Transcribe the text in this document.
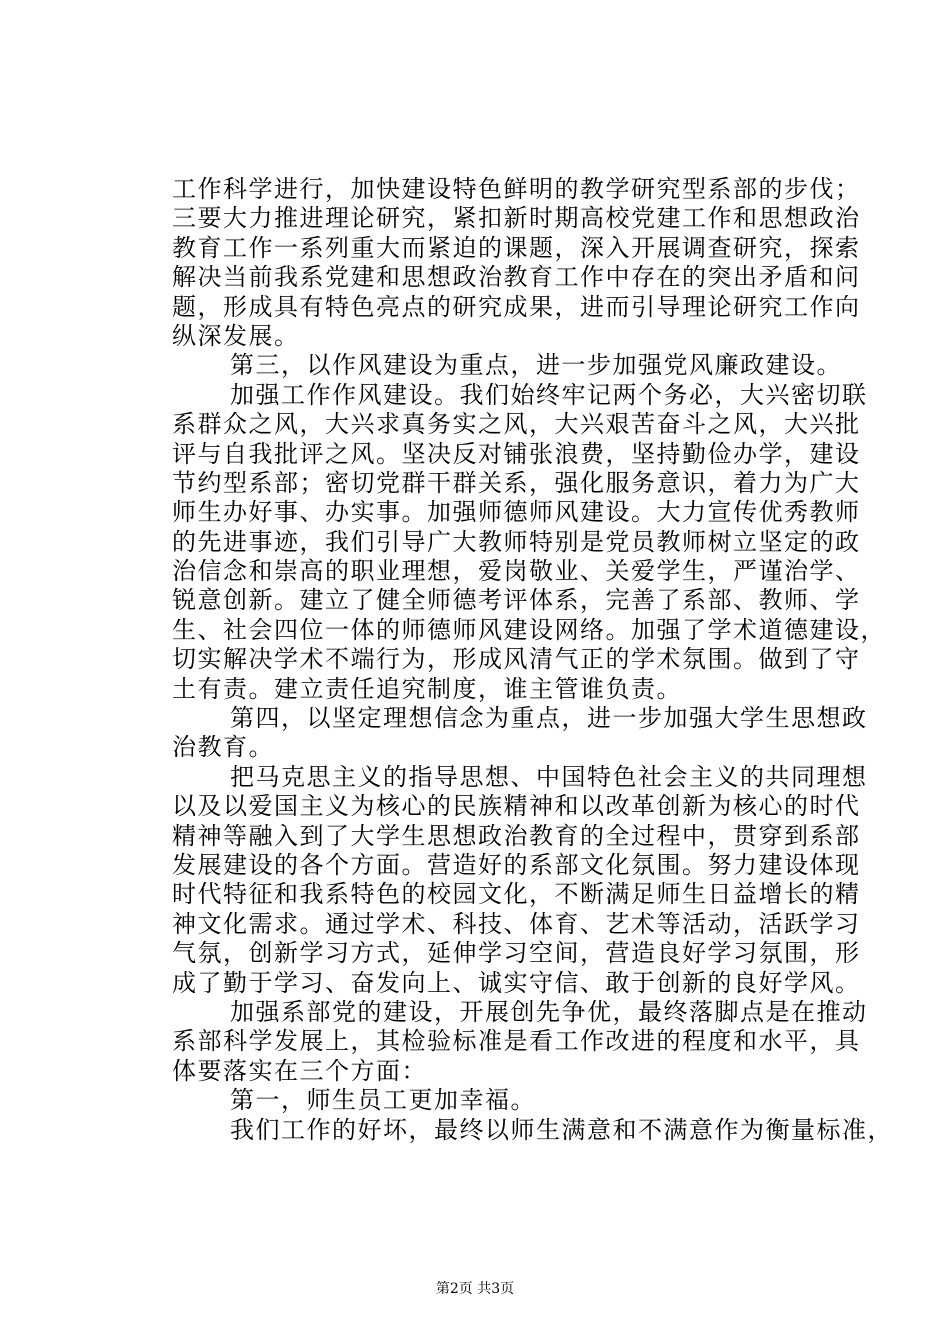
工作科学进行，加快建设特色鲜明的教学研究型系部的步伐；
三要大力推进理论研究，紧扣新时期高校党建工作和思想政治
教育工作一系列重大而紧迫的课题，深入开展调查研究，探索
解决当前我系党建和思想政治教育工作中存在的突出矛盾和问
题，形成具有特色亮点的研究成果，进而引导理论研究工作向
纵深发展。
　　第三，以作风建设为重点，进一步加强党风廉政建设。
　　加强工作作风建设。我们始终牢记两个务必，大兴密切联
系群众之风，大兴求真务实之风，大兴艰苦奋斗之风，大兴批
评与自我批评之风。坚决反对铺张浪费，坚持勤俭办学，建设
节约型系部；密切党群干群关系，强化服务意识，着力为广大
师生办好事、办实事。加强师德师风建设。大力宣传优秀教师
的先进事迹，我们引导广大教师特别是党员教师树立坚定的政
治信念和崇高的职业理想，爱岗敬业、关爱学生，严谨治学、
锐意创新。建立了健全师德考评体系，完善了系部、教师、学
生、社会四位一体的师德师风建设网络。加强了学术道德建设，
切实解决学术不端行为，形成风清气正的学术氛围。做到了守
土有责。建立责任追究制度，谁主管谁负责。
　　第四，以坚定理想信念为重点，进一步加强大学生思想政
治教育。
　　把马克思主义的指导思想、中国特色社会主义的共同理想
以及以爱国主义为核心的民族精神和以改革创新为核心的时代
精神等融入到了大学生思想政治教育的全过程中，贯穿到系部
发展建设的各个方面。营造好的系部文化氛围。努力建设体现
时代特征和我系特色的校园文化，不断满足师生日益增长的精
神文化需求。通过学术、科技、体育、艺术等活动，活跃学习
气氛，创新学习方式，延伸学习空间，营造良好学习氛围，形
成了勤于学习、奋发向上、诚实守信、敢于创新的良好学风。
　　加强系部党的建设，开展创先争优，最终落脚点是在推动
系部科学发展上，其检验标准是看工作改进的程度和水平，具
体要落实在三个方面：
　　第一，师生员工更加幸福。
　　我们工作的好坏，最终以师生满意和不满意作为衡量标准，
第2页 共3页
